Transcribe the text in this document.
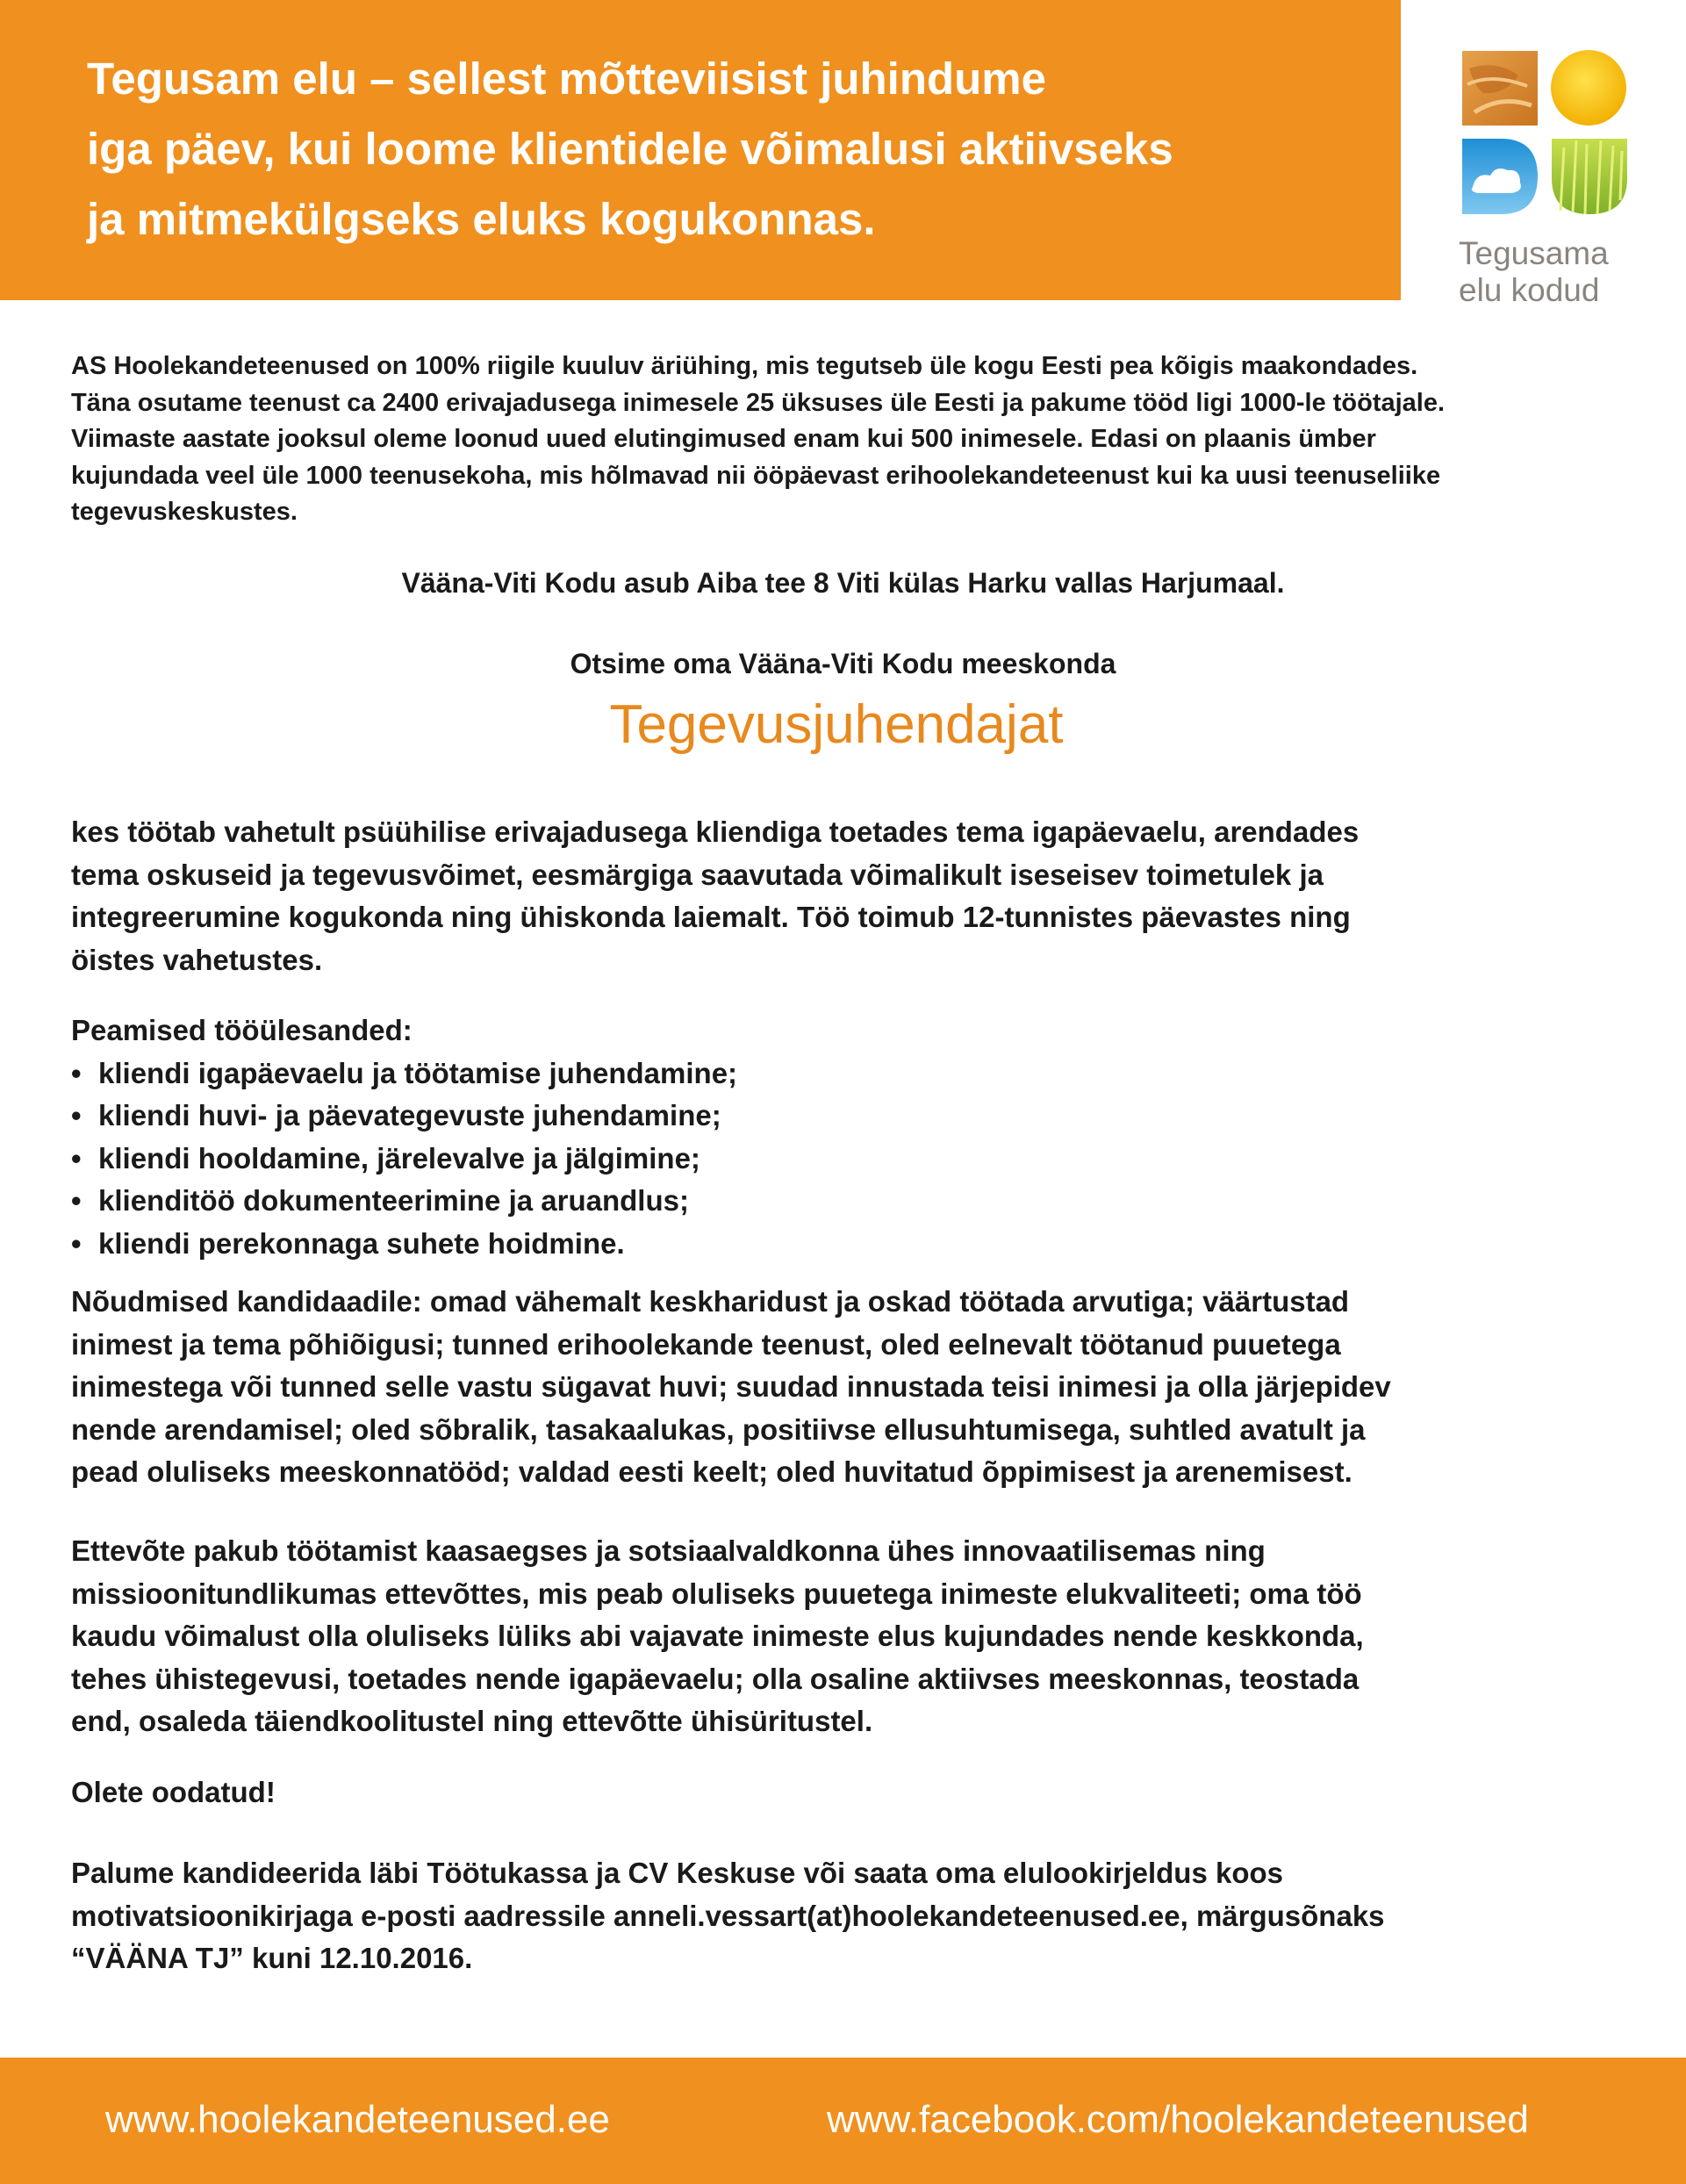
Tegusam elu – sellest mõtteviisist juhindume
iga päev, kui loome klientidele võimalusi aktiivseks
ja mitmekülgseks eluks kogukonnas.
Tegusama
elu kodud
AS Hoolekandeteenused on 100% riigile kuuluv äriühing, mis tegutseb üle kogu Eesti pea kõigis maakondades.
Täna osutame teenust ca 2400 erivajadusega inimesele 25 üksuses üle Eesti ja pakume tööd ligi 1000-le töötajale.
Viimaste aastate jooksul oleme loonud uued elutingimused enam kui 500 inimesele. Edasi on plaanis ümber
kujundada veel üle 1000 teenusekoha, mis hõlmavad nii ööpäevast erihoolekandeteenust kui ka uusi teenuseliike
tegevuskeskustes.
Väänа-Viti Kodu asub Aiba tee 8 Viti külas Harku vallas Harjumaal.
Otsime oma Vääna-Viti Kodu meeskonda
Tegevusjuhendajat
kes töötab vahetult psüühilise erivajadusega kliendiga toetades tema igapäevaelu, arendades
tema oskuseid ja tegevusvõimet, eesmärgiga saavutada võimalikult iseseisev toimetulek ja
integreerumine kogukonda ning ühiskonda laiemalt. Töö toimub 12-tunnistes päevastes ning
öistes vahetustes.
Peamised tööülesanded:
• kliendi igapäevaelu ja töötamise juhendamine;
• kliendi huvi- ja päevategevuste juhendamine;
• kliendi hooldamine, järelevalve ja jälgimine;
• klienditöö dokumenteerimine ja aruandlus;
• kliendi perekonnaga suhete hoidmine.
Nõudmised kandidaadile: omad vähemalt keskharidust ja oskad töötada arvutiga; väärtustad
inimest ja tema põhiõigusi; tunned erihoolekande teenust, oled eelnevalt töötanud puuetega
inimestega või tunned selle vastu sügavat huvi; suudad innustada teisi inimesi ja olla järjepidev
nende arendamisel; oled sõbralik, tasakaalukas, positiivse ellusuhtumisega, suhtled avatult ja
pead oluliseks meeskonnatööd; valdad eesti keelt; oled huvitatud õppimisest ja arenemisest.
Ettevõte pakub töötamist kaasaegses ja sotsiaalvaldkonna ühes innovaatilisemas ning
missioonitundlikumas ettevõttes, mis peab oluliseks puuetega inimeste elukvaliteeti; oma töö
kaudu võimalust olla oluliseks lüliks abi vajavate inimeste elus kujundades nende keskkonda,
tehes ühistegevusi, toetades nende igapäevaelu; olla osaline aktiivses meeskonnas, teostada
end, osaleda täiendkoolitustel ning ettevõtte ühisüritustel.
Olete oodatud!
Palume kandideerida läbi Töötukassa ja CV Keskuse või saata oma elulookirjeldus koos
motivatsioonikirjaga e-posti aadressile anneli.vessart(at)hoolekandeteenused.ee, märgusõnaks
“VÄÄNA TJ” kuni 12.10.2016.
www.hoolekandeteenused.ee	www.facebook.com/hoolekandeteenused
